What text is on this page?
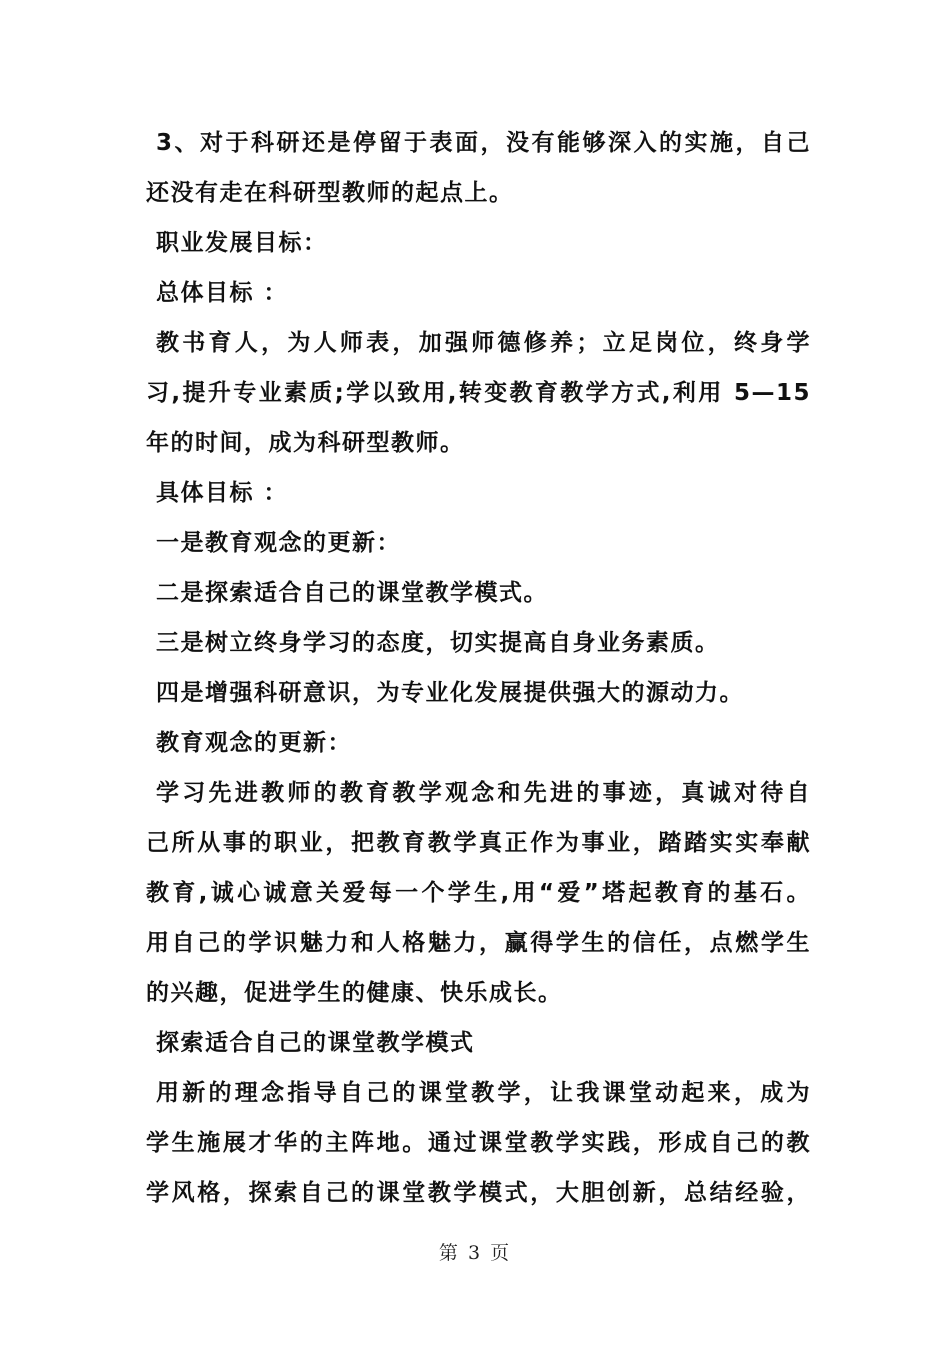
3、对于科研还是停留于表面，没有能够深入的实施，自己
还没有走在科研型教师的起点上。
职业发展目标：
总体目标 ：
教书育人，为人师表，加强师德修养；立足岗位，终身学
习,提升专业素质;学以致用,转变教育教学方式,利用 5—15
年的时间，成为科研型教师。
具体目标 ：
一是教育观念的更新：
二是探索适合自己的课堂教学模式。
三是树立终身学习的态度，切实提高自身业务素质。
四是增强科研意识，为专业化发展提供强大的源动力。
教育观念的更新：
学习先进教师的教育教学观念和先进的事迹，真诚对待自
己所从事的职业，把教育教学真正作为事业，踏踏实实奉献
教育,诚心诚意关爱每一个学生,用“爱”塔起教育的基石。
用自己的学识魅力和人格魅力，赢得学生的信任，点燃学生
的兴趣，促进学生的健康、快乐成长。
探索适合自己的课堂教学模式
用新的理念指导自己的课堂教学，让我课堂动起来，成为
学生施展才华的主阵地。通过课堂教学实践，形成自己的教
学风格，探索自己的课堂教学模式，大胆创新，总结经验，
第 3 页
